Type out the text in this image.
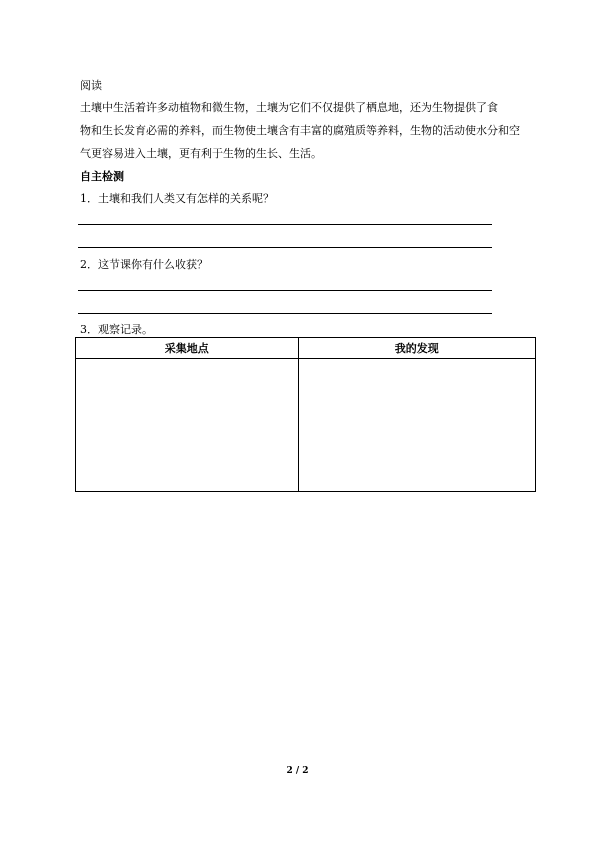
阅读
土壤中生活着许多动植物和微生物，土壤为它们不仅提供了栖息地，还为生物提供了食
物和生长发育必需的养料，而生物使土壤含有丰富的腐殖质等养料，生物的活动使水分和空
气更容易进入土壤，更有利于生物的生长、生活。
自主检测
1．土壤和我们人类又有怎样的关系呢？
2．这节课你有什么收获？
3．观察记录。
采集地点	我的发现

2 / 2
